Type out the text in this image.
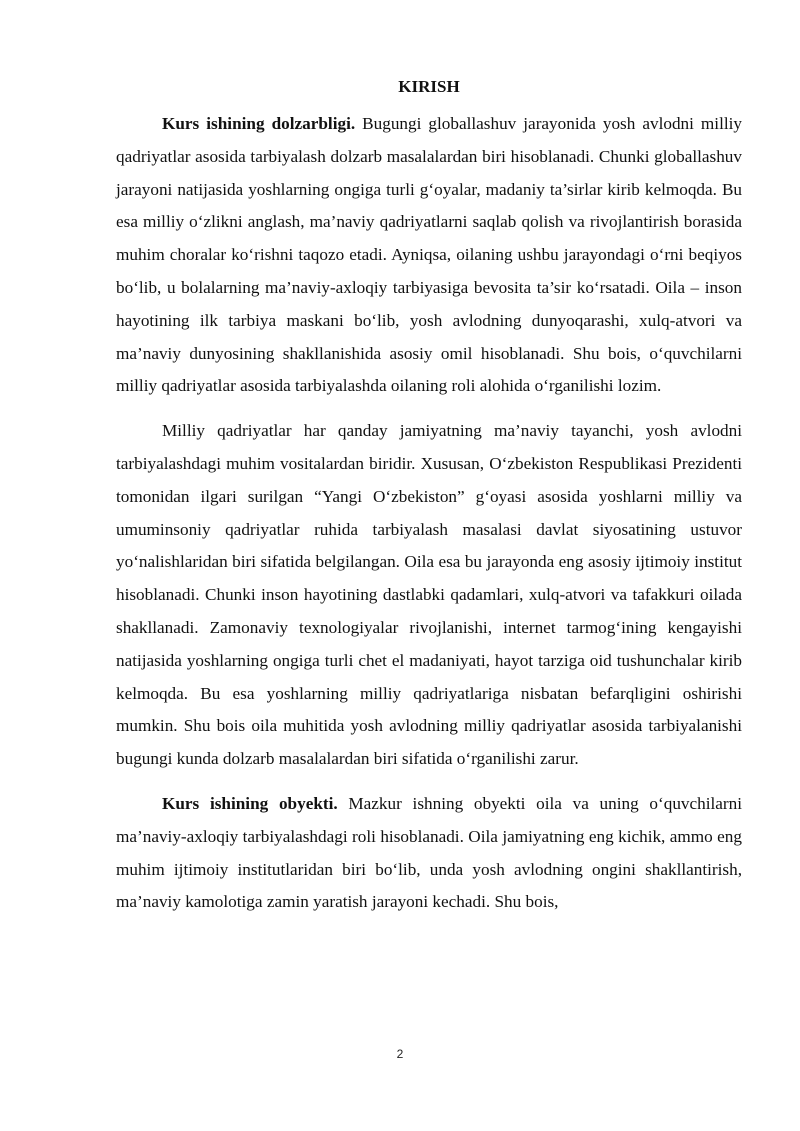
KIRISH

Kurs ishining dolzarbligi. Bugungi globallashuv jarayonida yosh avlodni milliy qadriyatlar asosida tarbiyalash dolzarb masalalardan biri hisoblanadi. Chunki globallashuv jarayoni natijasida yoshlarning ongiga turli g‘oyalar, madaniy ta’sirlar kirib kelmoqda. Bu esa milliy o‘zlikni anglash, ma’naviy qadriyatlarni saqlab qolish va rivojlantirish borasida muhim choralar ko‘rishni taqozo etadi. Ayniqsa, oilaning ushbu jarayondagi o‘rni beqiyos bo‘lib, u bolalarning ma’naviy-axloqiy tarbiyasiga bevosita ta’sir ko‘rsatadi. Oila – inson hayotining ilk tarbiya maskani bo‘lib, yosh avlodning dunyoqarashi, xulq-atvori va ma’naviy dunyosining shakllanishida asosiy omil hisoblanadi. Shu bois, o‘quvchilarni milliy qadriyatlar asosida tarbiyalashda oilaning roli alohida o‘rganilishi lozim.

Milliy qadriyatlar har qanday jamiyatning ma’naviy tayanchi, yosh avlodni tarbiyalashdagi muhim vositalardan biridir. Xususan, O‘zbekiston Respublikasi Prezidenti tomonidan ilgari surilgan “Yangi O‘zbekiston” g‘oyasi asosida yoshlarni milliy va umuminsoniy qadriyatlar ruhida tarbiyalash masalasi davlat siyosatining ustuvor yo‘nalishlaridan biri sifatida belgilangan. Oila esa bu jarayonda eng asosiy ijtimoiy institut hisoblanadi. Chunki inson hayotining dastlabki qadamlari, xulq-atvori va tafakkuri oilada shakllanadi. Zamonaviy texnologiyalar rivojlanishi, internet tarmog‘ining kengayishi natijasida yoshlarning ongiga turli chet el madaniyati, hayot tarziga oid tushunchalar kirib kelmoqda. Bu esa yoshlarning milliy qadriyatlariga nisbatan befarqligini oshirishi mumkin. Shu bois oila muhitida yosh avlodning milliy qadriyatlar asosida tarbiyalanishi bugungi kunda dolzarb masalalardan biri sifatida o‘rganilishi zarur.

Kurs ishining obyekti. Mazkur ishning obyekti oila va uning o‘quvchilarni ma’naviy-axloqiy tarbiyalashdagi roli hisoblanadi. Oila jamiyatning eng kichik, ammo eng muhim ijtimoiy institutlaridan biri bo‘lib, unda yosh avlodning ongini shakllantirish, ma’naviy kamolotiga zamin yaratish jarayoni kechadi. Shu bois,

2
